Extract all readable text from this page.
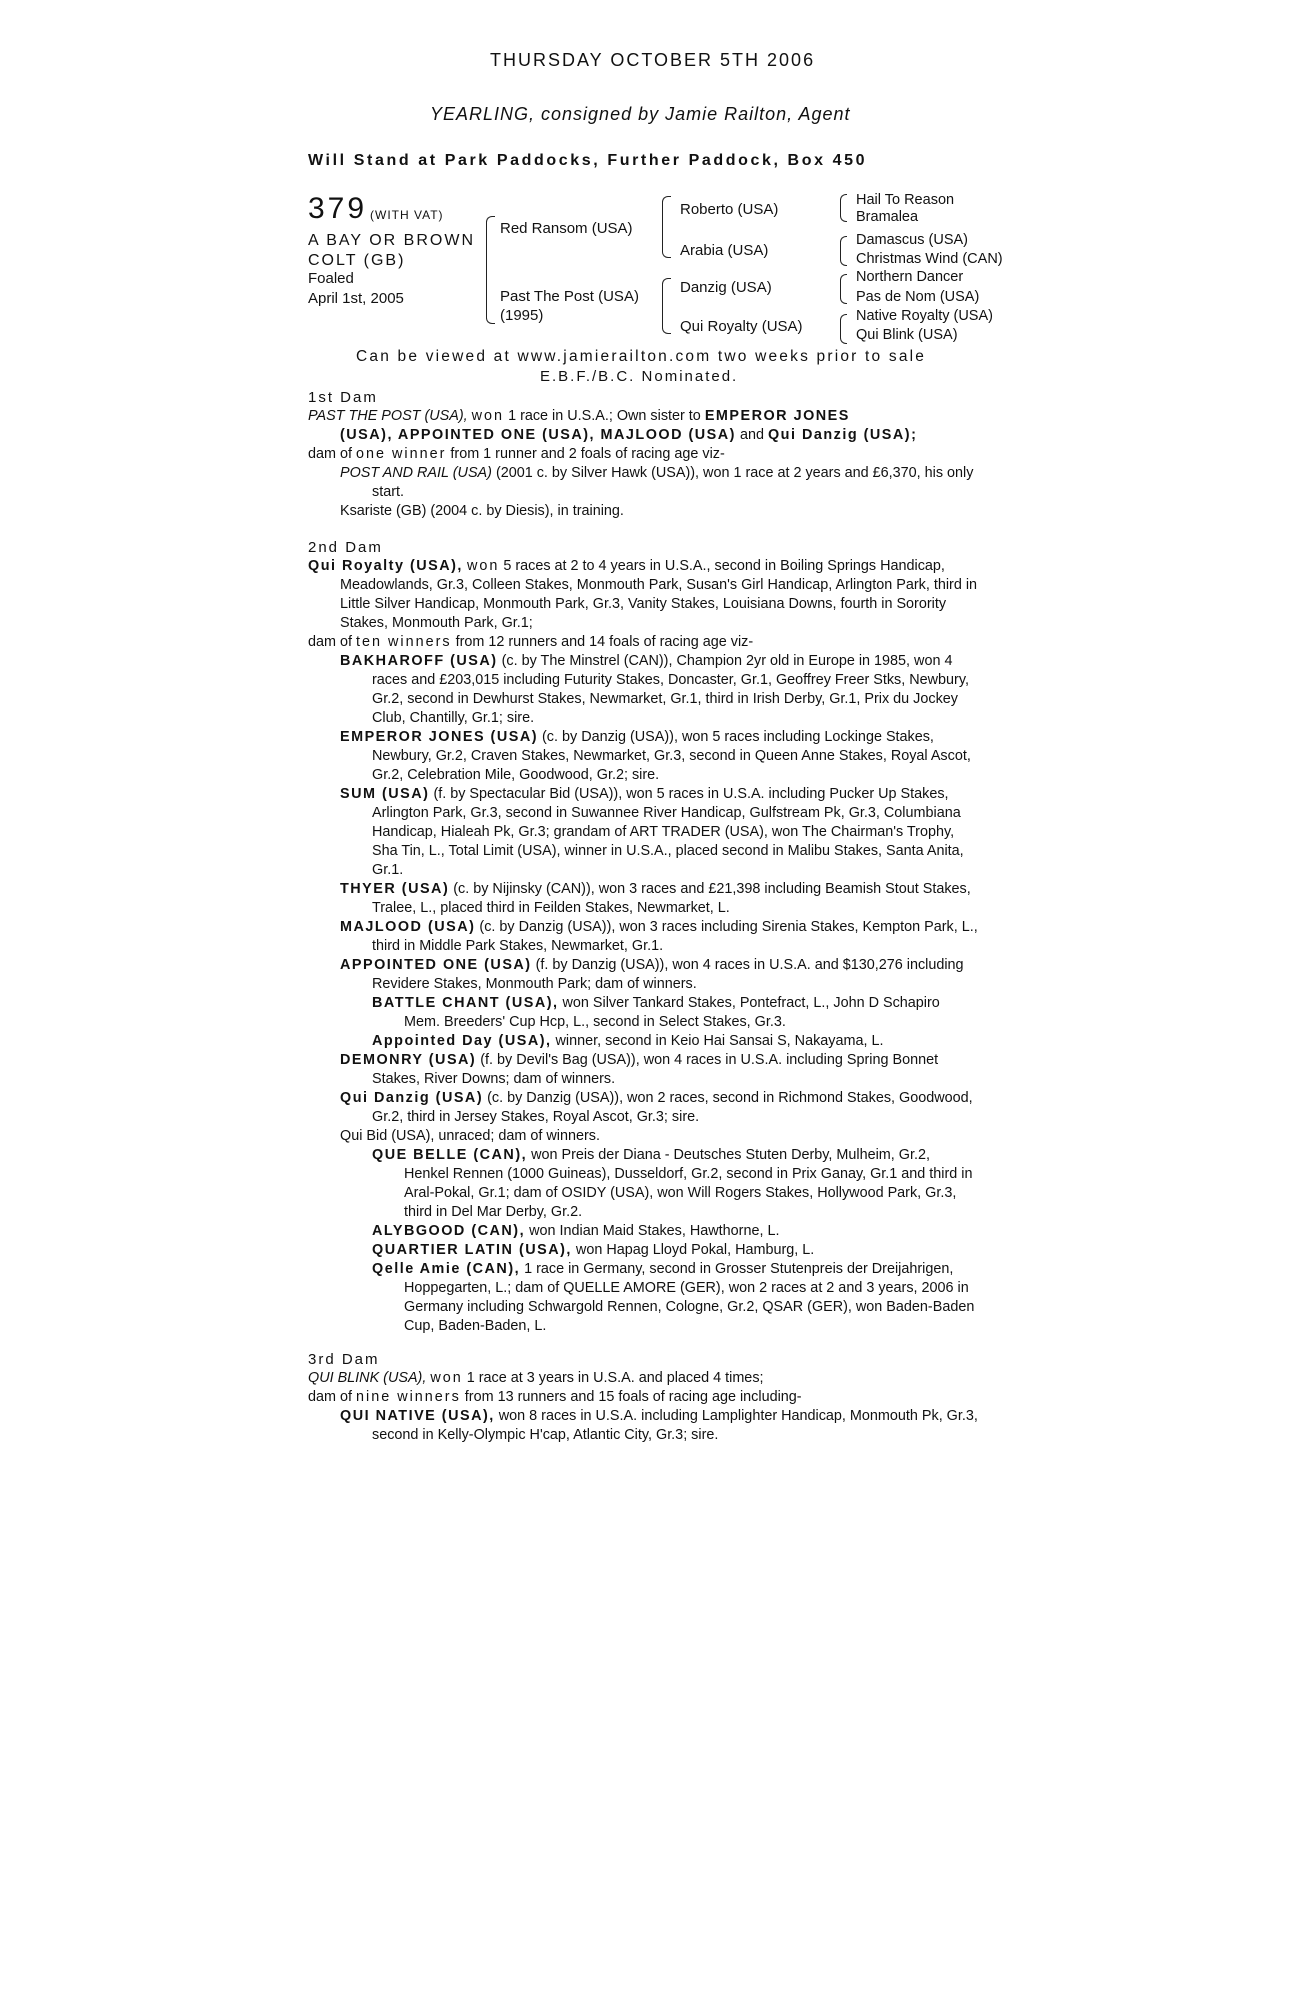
THURSDAY OCTOBER 5TH 2006
YEARLING, consigned by Jamie Railton, Agent
Will Stand at Park Paddocks, Further Paddock, Box 450
379 (WITH VAT)
A BAY OR BROWN
COLT (GB)
Foaled
April 1st, 2005
Red Ransom (USA)
Past The Post (USA)
(1995)
Roberto (USA)
Arabia (USA)
Danzig (USA)
Qui Royalty (USA)
Hail To Reason
Bramalea
Damascus (USA)
Christmas Wind (CAN)
Northern Dancer
Pas de Nom (USA)
Native Royalty (USA)
Qui Blink (USA)
Can be viewed at www.jamierailton.com two weeks prior to sale
E.B.F./B.C. Nominated.

1st Dam

PAST THE POST (USA), won 1 race in U.S.A.; Own sister to EMPEROR JONES

(USA), APPOINTED ONE (USA), MAJLOOD (USA) and Qui Danzig (USA);

dam of one winner from 1 runner and 2 foals of racing age viz-

POST AND RAIL (USA) (2001 c. by Silver Hawk (USA)), won 1 race at 2 years and £6,370, his only start.

Ksariste (GB) (2004 c. by Diesis), in training.

2nd Dam

Qui Royalty (USA), won 5 races at 2 to 4 years in U.S.A., second in Boiling Springs Handicap, Meadowlands, Gr.3, Colleen Stakes, Monmouth Park, Susan's Girl Handicap, Arlington Park, third in Little Silver Handicap, Monmouth Park, Gr.3, Vanity Stakes, Louisiana Downs, fourth in Sorority Stakes, Monmouth Park, Gr.1;

dam of ten winners from 12 runners and 14 foals of racing age viz-

BAKHAROFF (USA) (c. by The Minstrel (CAN)), Champion 2yr old in Europe in 1985, won 4 races and £203,015 including Futurity Stakes, Doncaster, Gr.1, Geoffrey Freer Stks, Newbury, Gr.2, second in Dewhurst Stakes, Newmarket, Gr.1, third in Irish Derby, Gr.1, Prix du Jockey Club, Chantilly, Gr.1; sire.

EMPEROR JONES (USA) (c. by Danzig (USA)), won 5 races including Lockinge Stakes, Newbury, Gr.2, Craven Stakes, Newmarket, Gr.3, second in Queen Anne Stakes, Royal Ascot, Gr.2, Celebration Mile, Goodwood, Gr.2; sire.

SUM (USA) (f. by Spectacular Bid (USA)), won 5 races in U.S.A. including Pucker Up Stakes, Arlington Park, Gr.3, second in Suwannee River Handicap, Gulfstream Pk, Gr.3, Columbiana Handicap, Hialeah Pk, Gr.3; grandam of ART TRADER (USA), won The Chairman's Trophy, Sha Tin, L., Total Limit (USA), winner in U.S.A., placed second in Malibu Stakes, Santa Anita, Gr.1.

THYER (USA) (c. by Nijinsky (CAN)), won 3 races and £21,398 including Beamish Stout Stakes, Tralee, L., placed third in Feilden Stakes, Newmarket, L.

MAJLOOD (USA) (c. by Danzig (USA)), won 3 races including Sirenia Stakes, Kempton Park, L., third in Middle Park Stakes, Newmarket, Gr.1.

APPOINTED ONE (USA) (f. by Danzig (USA)), won 4 races in U.S.A. and $130,276 including Revidere Stakes, Monmouth Park; dam of winners.

BATTLE CHANT (USA), won Silver Tankard Stakes, Pontefract, L., John D Schapiro Mem. Breeders' Cup Hcp, L., second in Select Stakes, Gr.3.

Appointed Day (USA), winner, second in Keio Hai Sansai S, Nakayama, L.

DEMONRY (USA) (f. by Devil's Bag (USA)), won 4 races in U.S.A. including Spring Bonnet Stakes, River Downs; dam of winners.

Qui Danzig (USA) (c. by Danzig (USA)), won 2 races, second in Richmond Stakes, Goodwood, Gr.2, third in Jersey Stakes, Royal Ascot, Gr.3; sire.

Qui Bid (USA), unraced; dam of winners.

QUE BELLE (CAN), won Preis der Diana - Deutsches Stuten Derby, Mulheim, Gr.2, Henkel Rennen (1000 Guineas), Dusseldorf, Gr.2, second in Prix Ganay, Gr.1 and third in Aral-Pokal, Gr.1; dam of OSIDY (USA), won Will Rogers Stakes, Hollywood Park, Gr.3, third in Del Mar Derby, Gr.2.

ALYBGOOD (CAN), won Indian Maid Stakes, Hawthorne, L.

QUARTIER LATIN (USA), won Hapag Lloyd Pokal, Hamburg, L.

Qelle Amie (CAN), 1 race in Germany, second in Grosser Stutenpreis der Dreijahrigen, Hoppegarten, L.; dam of QUELLE AMORE (GER), won 2 races at 2 and 3 years, 2006 in Germany including Schwargold Rennen, Cologne, Gr.2, QSAR (GER), won Baden-Baden Cup, Baden-Baden, L.

3rd Dam

QUI BLINK (USA), won 1 race at 3 years in U.S.A. and placed 4 times;

dam of nine winners from 13 runners and 15 foals of racing age including-

QUI NATIVE (USA), won 8 races in U.S.A. including Lamplighter Handicap, Monmouth Pk, Gr.3, second in Kelly-Olympic H'cap, Atlantic City, Gr.3; sire.
